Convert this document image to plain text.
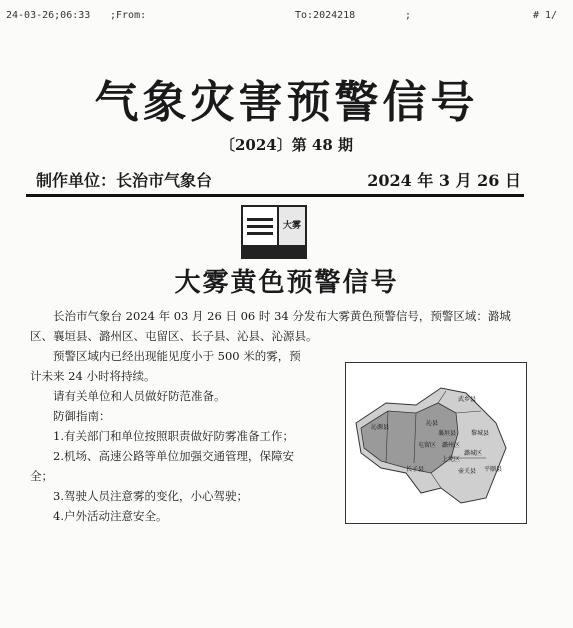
24-03-26;06:33 ;From:	To:2024218	;	# 1/
气象灾害预警信号
〔2024〕第 48 期
制作单位：长治市气象台	2024 年 3 月 26 日
大雾
大雾黄色预警信号

长治市气象台 2024 年 03 月 26 日 06 时 34 分发布大雾黄色预警信号，预警区域：潞城区、襄垣县、潞州区、屯留区、长子县、沁县、沁源县。

预警区域内已经出现能见度小于 500 米的雾，预计未来 24 小时将持续。

请有关单位和人员做好防范准备。

防御指南：

1.有关部门和单位按照职责做好防雾准备工作；

2.机场、高速公路等单位加强交通管理，保障安全；

3.驾驶人员注意雾的变化，小心驾驶；

4.户外活动注意安全。

武乡县
沁县
沁源县
襄垣县 黎城县
屯留区 潞州区
潞城区
长子县	壶关县 平顺县
上党区
